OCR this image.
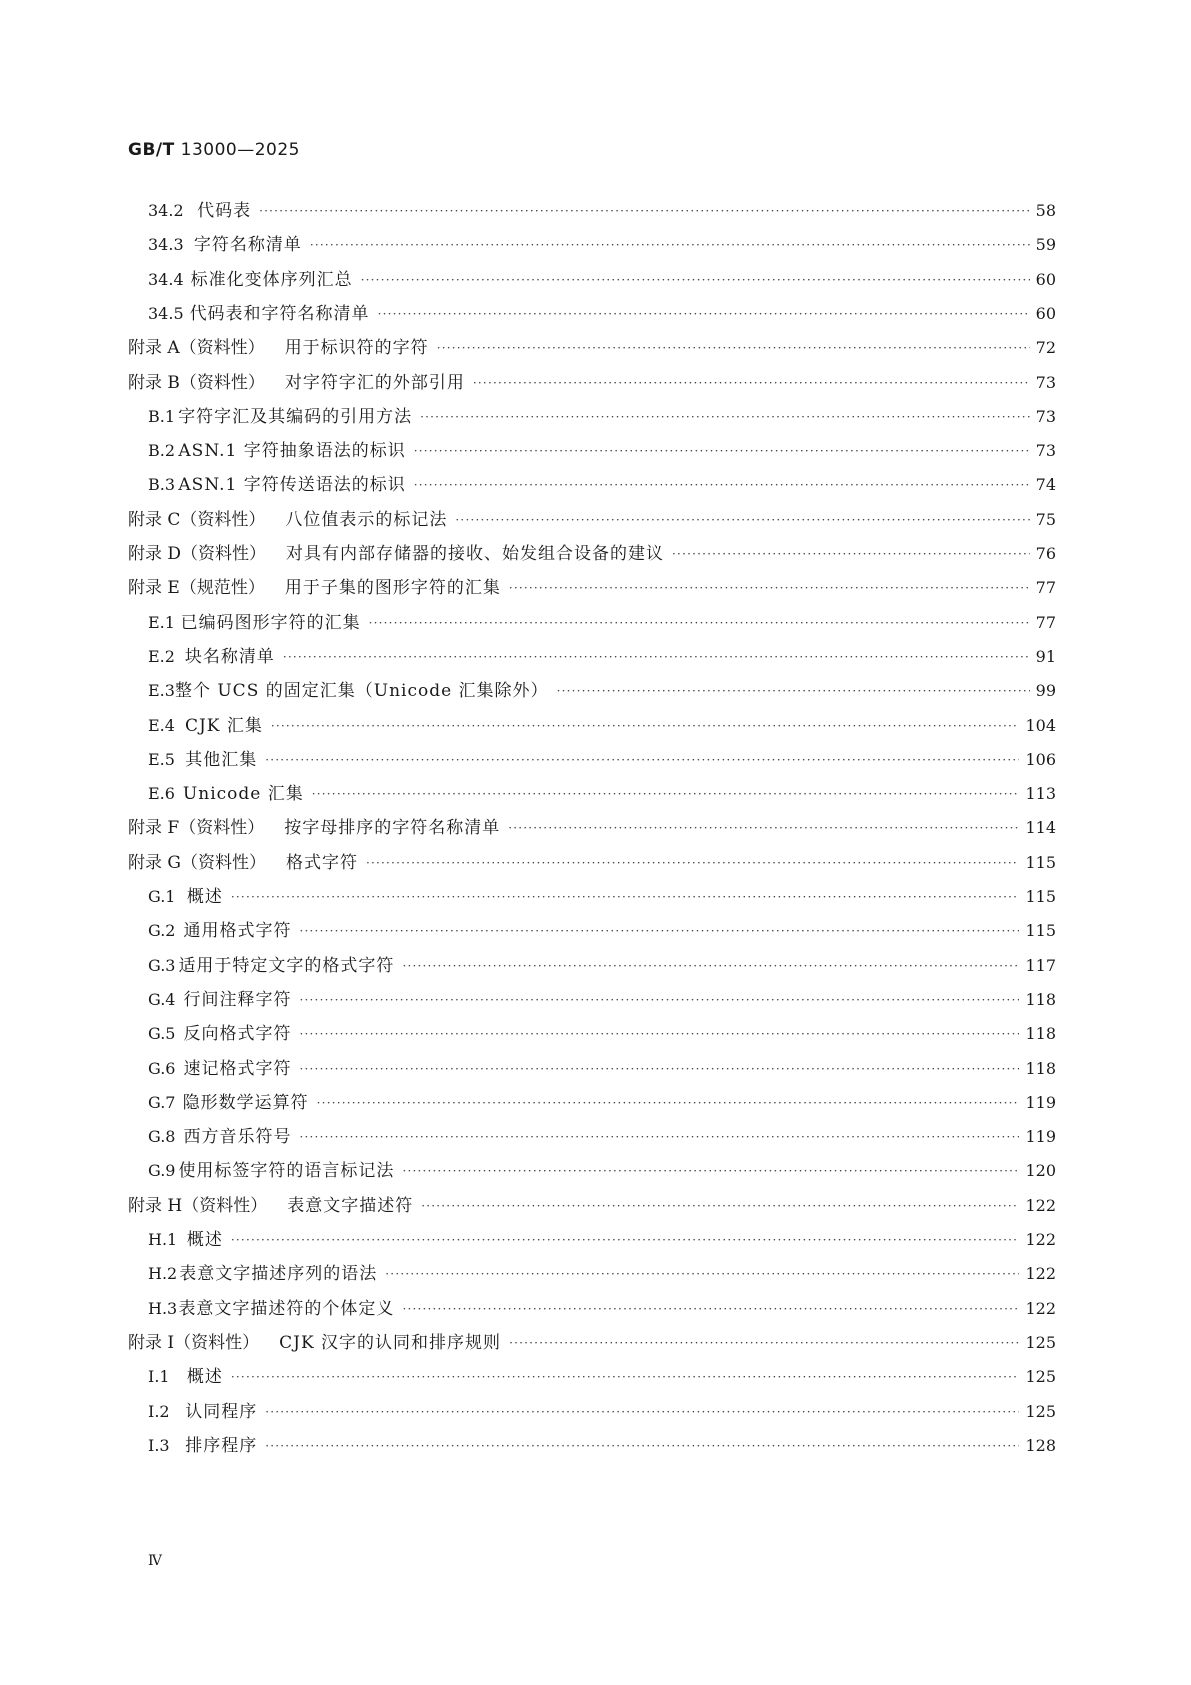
GB/T 13000—2025
34.2 代码表 ·····	58
34.3 字符名称清单 ·····	59
34.4 标准化变体序列汇总 ·····	60
34.5 代码表和字符名称清单 ·····	60
附录 A（资料性） 用于标识符的字符 ·····	72
附录 B（资料性） 对字符字汇的外部引用 ·····	73
B.1 字符字汇及其编码的引用方法 ·····	73
B.2 ASN.1 字符抽象语法的标识 ·····	73
B.3 ASN.1 字符传送语法的标识 ·····	74
附录 C（资料性） 八位值表示的标记法 ·····	75
附录 D（资料性） 对具有内部存储器的接收、始发组合设备的建议 ·····	76
附录 E（规范性） 用于子集的图形字符的汇集 ·····	77
E.1 已编码图形字符的汇集 ·····	77
E.2 块名称清单 ·····	91
E.3 整个 UCS 的固定汇集（Unicode 汇集除外） ·····	99
E.4 CJK 汇集 ·····	104
E.5 其他汇集 ·····	106
E.6 Unicode 汇集 ·····	113
附录 F（资料性） 按字母排序的字符名称清单 ·····	114
附录 G（资料性） 格式字符 ·····	115
G.1 概述 ·····	115
G.2 通用格式字符 ·····	115
G.3 适用于特定文字的格式字符 ·····	117
G.4 行间注释字符 ·····	118
G.5 反向格式字符 ·····	118
G.6 速记格式字符 ·····	118
G.7 隐形数学运算符 ·····	119
G.8 西方音乐符号 ·····	119
G.9 使用标签字符的语言标记法 ·····	120
附录 H（资料性） 表意文字描述符 ·····	122
H.1 概述 ·····	122
H.2 表意文字描述序列的语法 ·····	122
H.3 表意文字描述符的个体定义 ·····	122
附录 I（资料性） CJK 汉字的认同和排序规则 ·····	125
I.1	概述 ·····	125
I.2 认同程序 ·····	125
I.3 排序程序 ·····	128
Ⅳ
